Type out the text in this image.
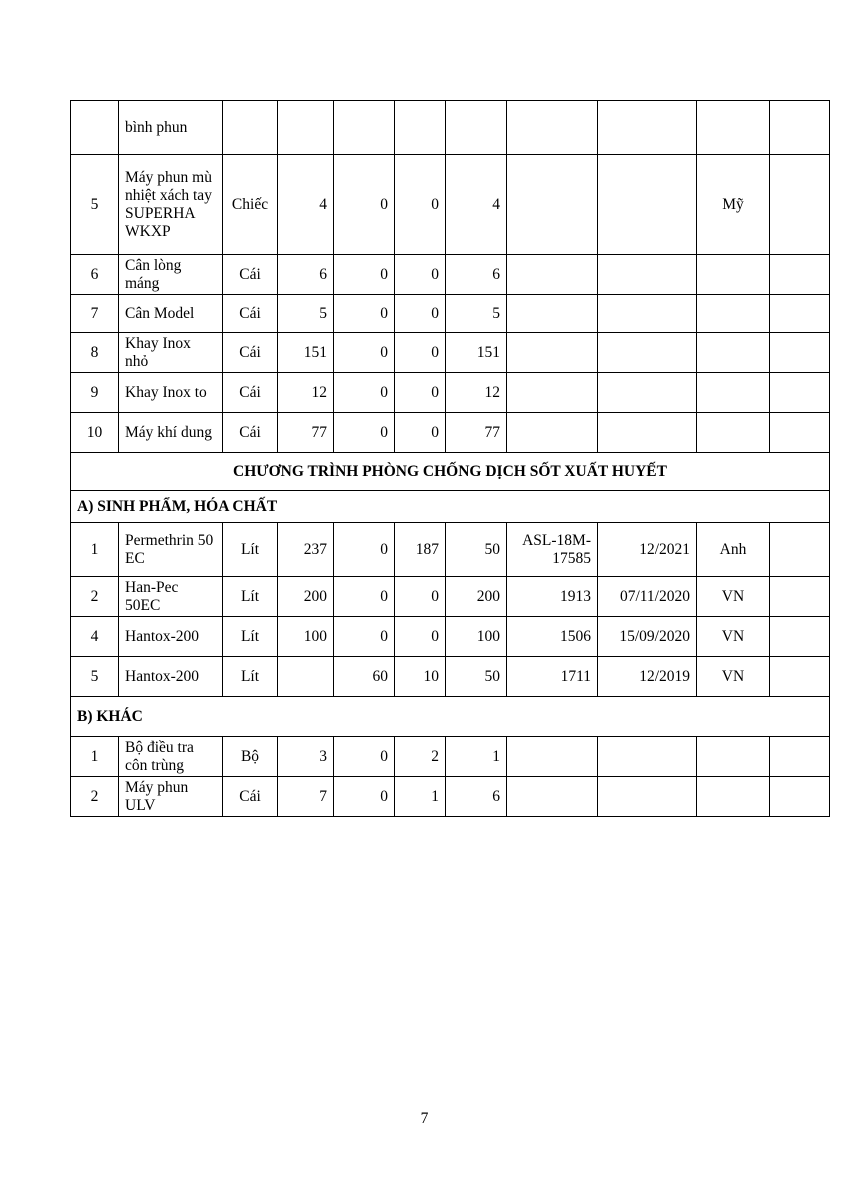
	bình phun									
5	Máy phun mù nhiệt xách tay SUPERHA WKXP	Chiếc	4	0	0	4			Mỹ	
6	Cân lòng máng	Cái	6	0	0	6				
7	Cân Model	Cái	5	0	0	5				
8	Khay Inox nhỏ	Cái	151	0	0	151				
9	Khay Inox to	Cái	12	0	0	12				
10	Máy khí dung	Cái	77	0	0	77				
CHƯƠNG TRÌNH PHÒNG CHỐNG DỊCH SỐT XUẤT HUYẾT										
A) SINH PHẨM, HÓA CHẤT										
1	Permethrin 50 EC	Lít	237	0	187	50	ASL-18M-17585	12/2021	Anh	
2	Han-Pec 50EC	Lít	200	0	0	200	1913	07/11/2020	VN	
4	Hantox-200	Lít	100	0	0	100	1506	15/09/2020	VN	
5	Hantox-200	Lít		60	10	50	1711	12/2019	VN	
B) KHÁC										
1	Bộ điều tra côn trùng	Bộ	3	0	2	1				
2	Máy phun ULV	Cái	7	0	1	6				
7
